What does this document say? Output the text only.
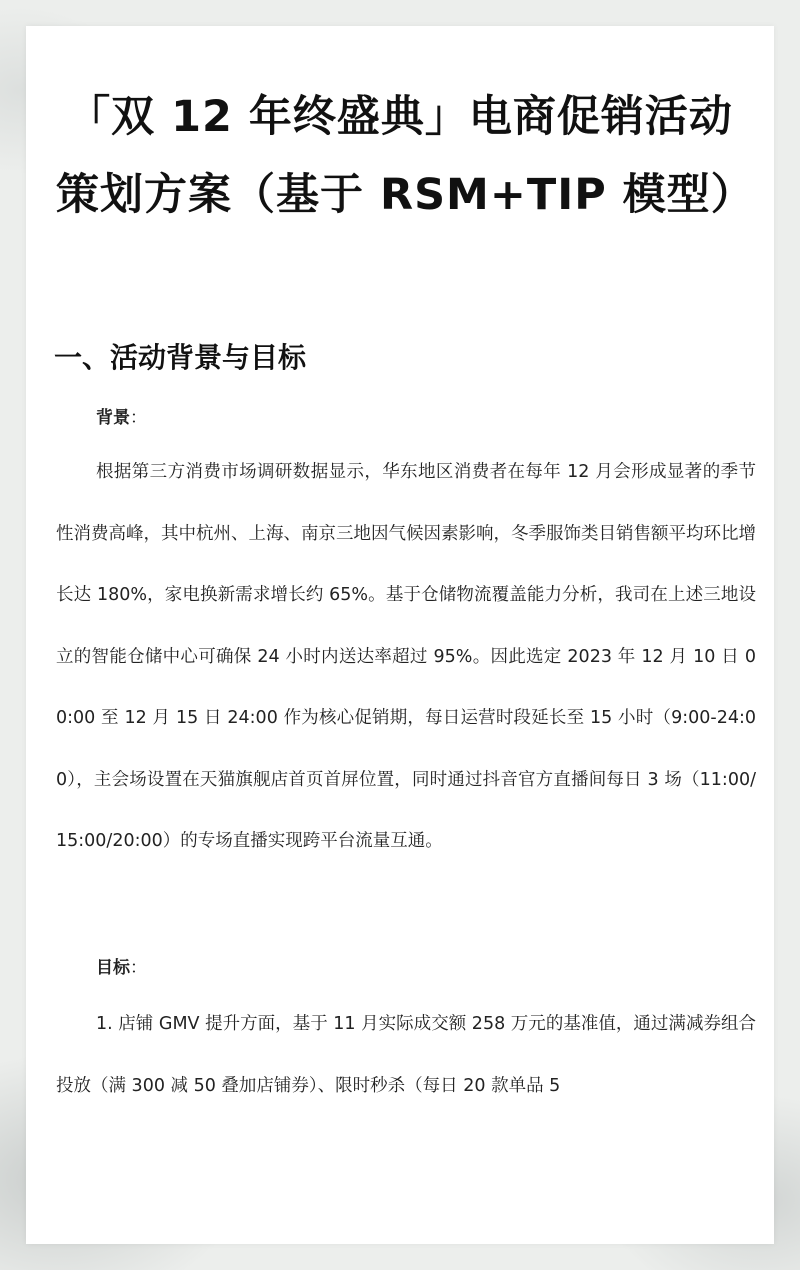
「双 12 年终盛典」电商促销活动策划方案（基于 RSM+TIP 模型）
一、活动背景与目标

背景：

根据第三方消费市场调研数据显示，华东地区消费者在每年 12 月会形成显著的季节性消费高峰，其中杭州、上海、南京三地因气候因素影响，冬季服饰类目销售额平均环比增长达 180%，家电换新需求增长约 65%。基于仓储物流覆盖能力分析，我司在上述三地设立的智能仓储中心可确保 24 小时内送达率超过 95%。因此选定 2023 年 12 月 10 日 00:00 至 12 月 15 日 24:00 作为核心促销期，每日运营时段延长至 15 小时（9:00-24:00），主会场设置在天猫旗舰店首页首屏位置，同时通过抖音官方直播间每日 3 场（11:00/15:00/20:00）的专场直播实现跨平台流量互通。

目标：

1. 店铺 GMV 提升方面，基于 11 月实际成交额 258 万元的基准值，通过满减券组合投放（满 300 减 50 叠加店铺券）、限时秒杀（每日 20 款单品 5
